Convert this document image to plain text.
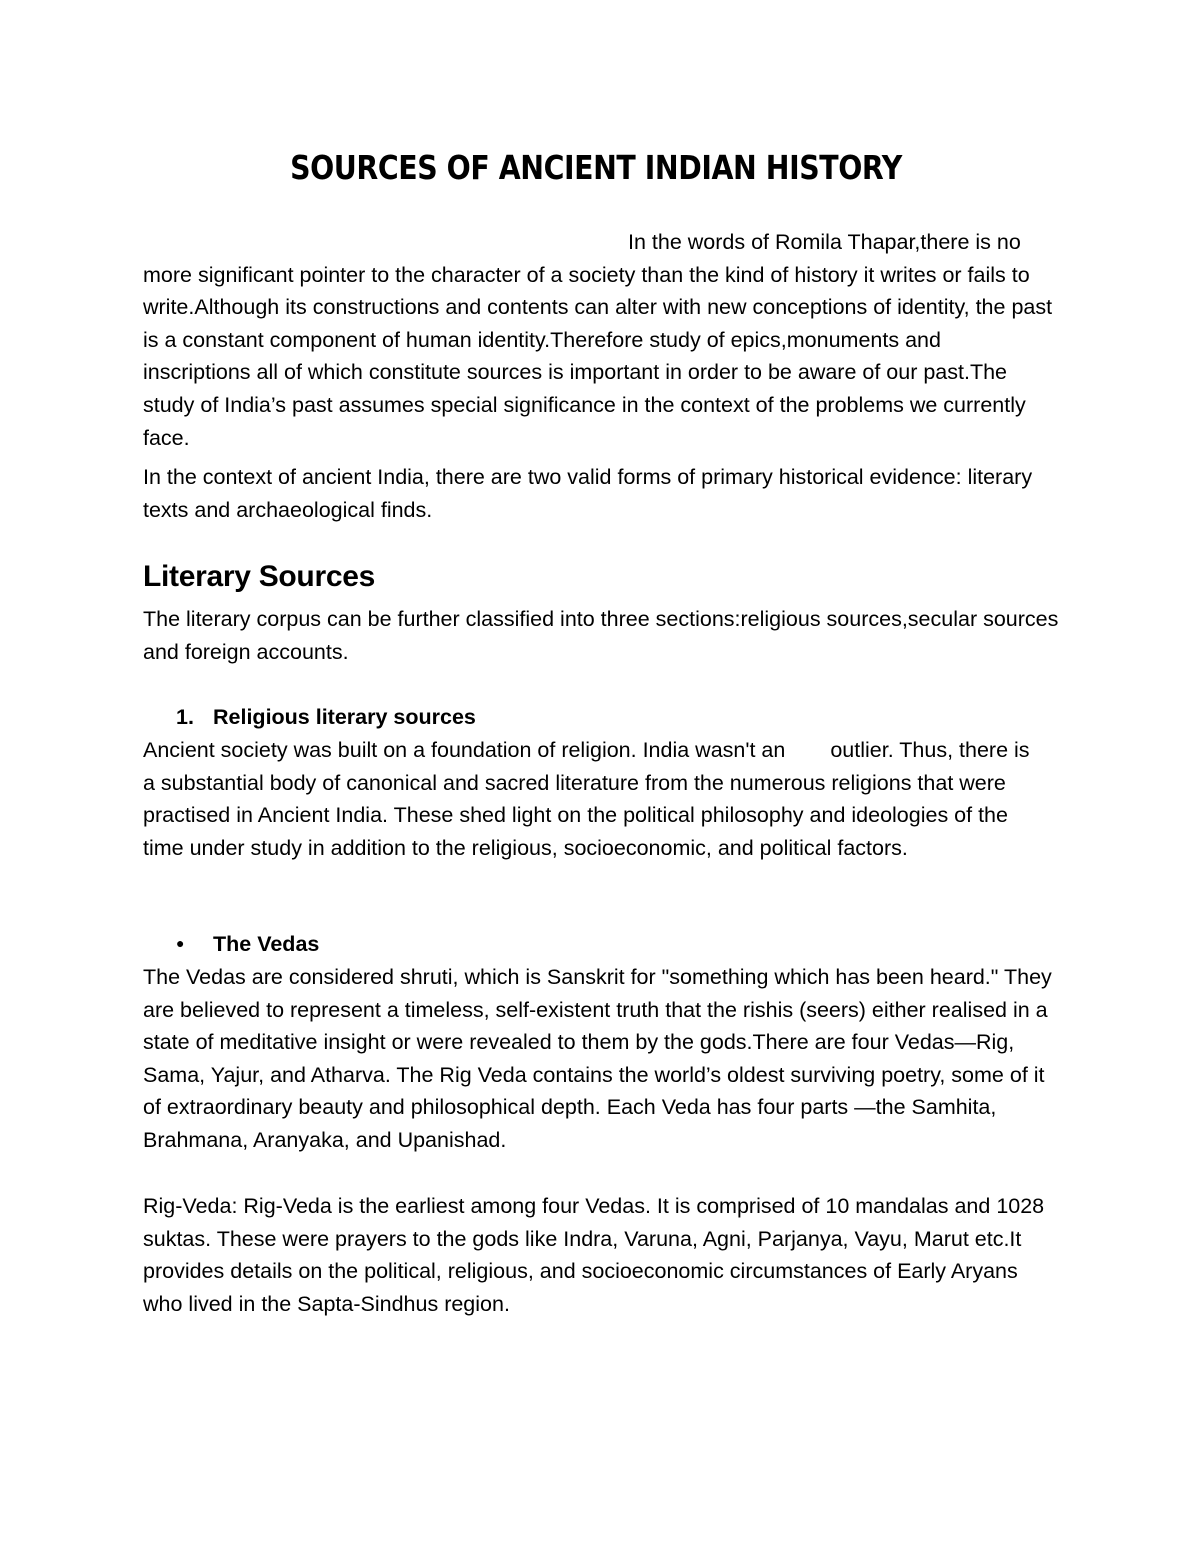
SOURCES OF ANCIENT INDIAN HISTORY

In the words of Romila Thapar,there is no more significant pointer to the character of a society than the kind of history it writes or fails to write.Although its constructions and contents can alter with new conceptions of identity, the past is a constant component of human identity.Therefore study of epics,monuments and inscriptions all of which constitute sources is important in order to be aware of our past.The study of India’s past assumes special significance in the context of the problems we currently face.

In the context of ancient India, there are two valid forms of primary historical evidence: literary texts and archaeological finds.

Literary Sources

The literary corpus can be further classified into three sections:religious sources,secular sources and foreign accounts.

1. Religious literary sources

Ancient society was built on a foundation of religion. India wasn't an outlier. Thus, there is a substantial body of canonical and sacred literature from the numerous religions that were practised in Ancient India. These shed light on the political philosophy and ideologies of the time under study in addition to the religious, socioeconomic, and political factors.

● The Vedas

The Vedas are considered shruti, which is Sanskrit for "something which has been heard." They are believed to represent a timeless, self-existent truth that the rishis (seers) either realised in a state of meditative insight or were revealed to them by the gods.There are four Vedas—Rig, Sama, Yajur, and Atharva. The Rig Veda contains the world’s oldest surviving poetry, some of it of extraordinary beauty and philosophical depth. Each Veda has four parts —the Samhita, Brahmana, Aranyaka, and Upanishad.

Rig-Veda: Rig-Veda is the earliest among four Vedas. It is comprised of 10 mandalas and 1028 suktas. These were prayers to the gods like Indra, Varuna, Agni, Parjanya, Vayu, Marut etc.It provides details on the political, religious, and socioeconomic circumstances of Early Aryans who lived in the Sapta-Sindhus region.
